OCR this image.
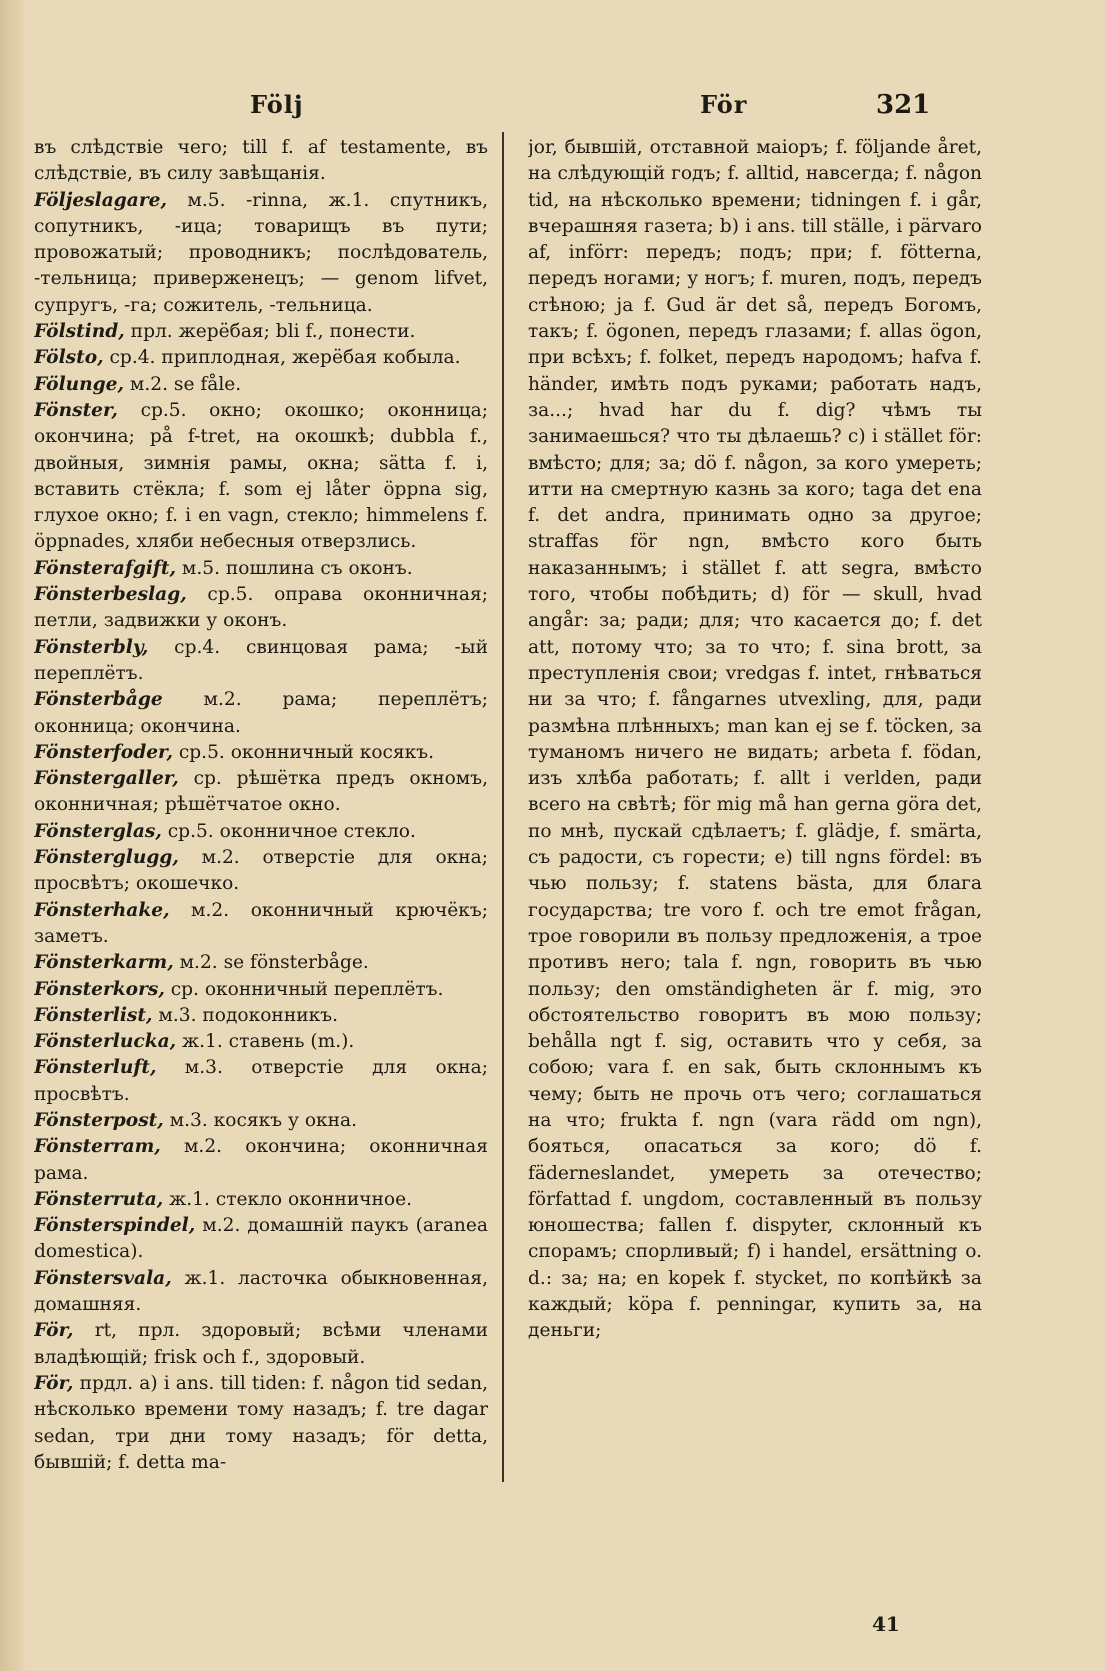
Följ	För	321

въ слѣдствіе чего; till f. af testamente, въ слѣдствіе, въ силу завѣщанія.

Följeslagare, м.5. -rinna, ж.1. спутникъ, сопутникъ, -ица; товарищъ въ пути; провожатый; проводникъ; послѣдователь, -тельница; приверженецъ; — genom lifvet, супругъ, -га; сожитель, -тельница.

Fölstind, прл. жерёбая; bli f., понести.

Fölsto, ср.4. приплодная, жерёбая кобыла.

Fölunge, м.2. se fåle.

Fönster, ср.5. окно; окошко; оконница; окончина; på f-tret, на окошкѣ; dubbla f., двойныя, зимнія рамы, окна; sätta f. i, вставить стёкла; f. som ej låter öppna sig, глухое окно; f. i en vagn, стекло; himmelens f. öppnades, хляби небесныя отверзлись.

Fönsterafgift, м.5. пошлина съ оконъ.

Fönsterbeslag, ср.5. оправа оконничная; петли, задвижки у оконъ.

Fönsterbly, ср.4. свинцовая рама; -ый переплётъ.

Fönsterbåge м.2. рама; переплётъ; оконница; окончина.

Fönsterfoder, ср.5. оконничный косякъ.

Fönstergaller, ср. рѣшётка предъ окномъ, оконничная; рѣшётчатое окно.

Fönsterglas, ср.5. оконничное стекло.

Fönsterglugg, м.2. отверстіе для окна; просвѣтъ; окошечко.

Fönsterhake, м.2. оконничный крючёкъ; заметъ.

Fönsterkarm, м.2. se fönsterbåge.

Fönsterkors, ср. оконничный переплётъ.

Fönsterlist, м.3. подоконникъ.

Fönsterlucka, ж.1. ставень (m.).

Fönsterluft, м.3. отверстіе для окна; просвѣтъ.

Fönsterpost, м.3. косякъ у окна.

Fönsterram, м.2. окончина; оконничная рама.

Fönsterruta, ж.1. стекло оконничное.

Fönsterspindel, м.2. домашній паукъ (aranea domestica).

Fönstersvala, ж.1. ласточка обыкновенная, домашняя.

För, rt, прл. здоровый; всѣми членами владѣющій; frisk och f., здоровый.

För, прдл. a) i ans. till tiden: f. någon tid sedan, нѣсколько времени тому назадъ; f. tre dagar sedan, три дни тому назадъ; för detta, бывшій; f. detta ma-

jor, бывшій, отставной маіоръ; f. följande året, на слѣдующій годъ; f. alltid, навсегда; f. någon tid, на нѣсколько времени; tidningen f. i går, вчерашняя газета; b) i ans. till ställe, i pärvaro af, införr: передъ; подъ; при; f. fötterna, передъ ногами; у ногъ; f. muren, подъ, передъ стѣною; ja f. Gud är det så, передъ Богомъ, такъ; f. ögonen, передъ глазами; f. allas ögon, при всѣхъ; f. folket, передъ народомъ; hafva f. händer, имѣть подъ руками; работать надъ, за...; hvad har du f. dig? чѣмъ ты занимаешься? что ты дѣлаешь? c) i stället för: вмѣсто; для; за; dö f. någon, за кого умереть; итти на смертную казнь за кого; taga det ena f. det andra, принимать одно за другое; straffas för ngn, вмѣсто кого быть наказаннымъ; i stället f. att segra, вмѣсто того, чтобы побѣдить; d) för — skull, hvad angår: за; ради; для; что касается до; f. det att, потому что; за то что; f. sina brott, за преступленія свои; vredgas f. intet, гнѣваться ни за что; f. fångarnes utvexling, для, ради размѣна плѣнныхъ; man kan ej se f. töcken, за туманомъ ничего не видать; arbeta f. födan, изъ хлѣба работать; f. allt i verlden, ради всего на свѣтѣ; för mig må han gerna göra det, по мнѣ, пускай сдѣлаетъ; f. glädje, f. smärta, съ радости, съ горести; e) till ngns fördel: въ чью пользу; f. statens bästa, для блага государства; tre voro f. och tre emot frågan, трое говорили въ пользу предложенія, а трое противъ него; tala f. ngn, говорить въ чью пользу; den omständigheten är f. mig, это обстоятельство говоритъ въ мою пользу; behålla ngt f. sig, оставить что у себя, за собою; vara f. en sak, быть склоннымъ къ чему; быть не прочь отъ чего; соглашаться на что; frukta f. ngn (vara rädd om ngn), бояться, опасаться за кого; dö f. fäderneslandet, умереть за отечество; författad f. ungdom, составленный въ пользу юношества; fallen f. dispyter, склонный къ спорамъ; спорливый; f) i handel, ersättning o. d.: за; на; en kopek f. stycket, по копѣйкѣ за каждый; köpa f. penningar, купить за, на деньги;

41
